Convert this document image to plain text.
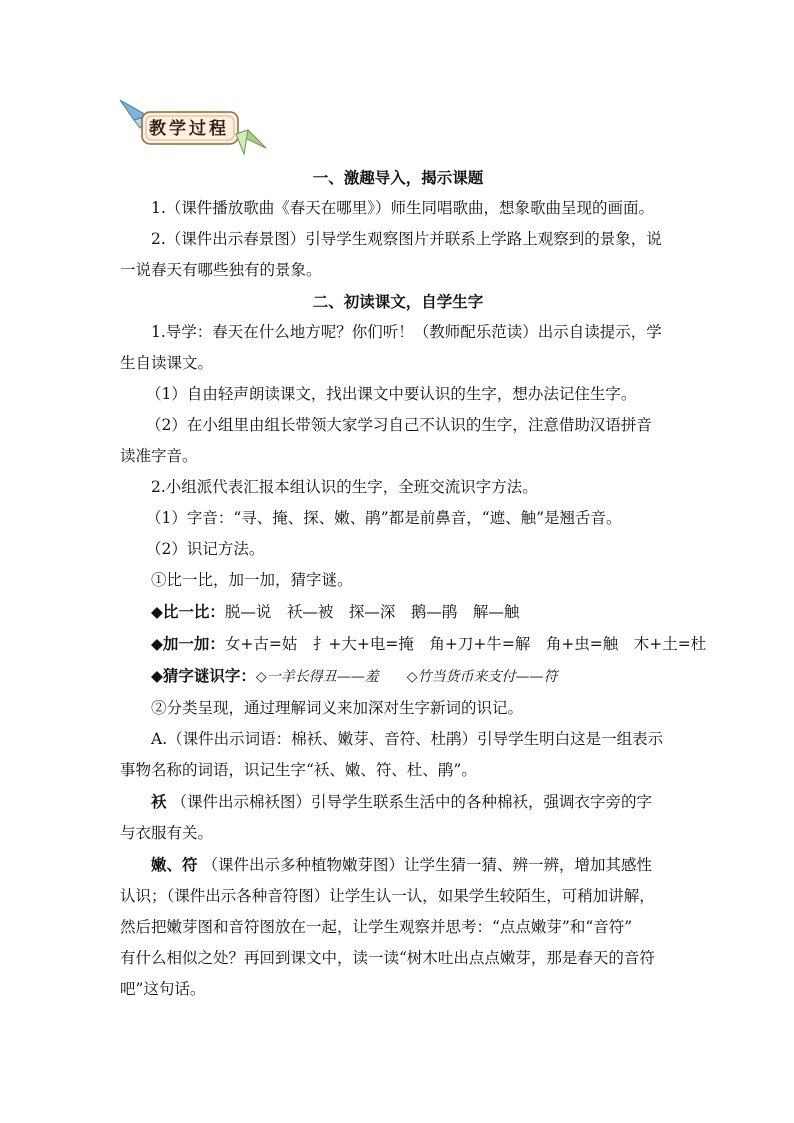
教学过程

一、激趣导入，揭示课题

1.（课件播放歌曲《春天在哪里》）师生同唱歌曲，想象歌曲呈现的画面。

2.（课件出示春景图）引导学生观察图片并联系上学路上观察到的景象，说

一说春天有哪些独有的景象。

二、初读课文，自学生字

1.导学：春天在什么地方呢？你们听！（教师配乐范读）出示自读提示，学

生自读课文。

（1）自由轻声朗读课文，找出课文中要认识的生字，想办法记住生字。

（2）在小组里由组长带领大家学习自己不认识的生字，注意借助汉语拼音

读准字音。

2.小组派代表汇报本组认识的生字，全班交流识字方法。

（1）字音：“寻、掩、探、嫩、鹃”都是前鼻音，“遮、触”是翘舌音。

（2）识记方法。

①比一比，加一加，猜字谜。

◆比一比：脱—说　袄—被　探—深　鹅—鹃　解—触

◆加一加：女+古=姑　扌+大+电=掩　角+刀+牛=解　角+虫=触　木+土=杜

◆猜字谜识字：◇一羊长得丑——羞 ◇竹当货币来支付——符

②分类呈现，通过理解词义来加深对生字新词的识记。

A.（课件出示词语：棉袄、嫩芽、音符、杜鹃）引导学生明白这是一组表示

事物名称的词语，识记生字“袄、嫩、符、杜、鹃”。

袄 （课件出示棉袄图）引导学生联系生活中的各种棉袄，强调衣字旁的字

与衣服有关。

嫩、符 （课件出示多种植物嫩芽图）让学生猜一猜、辨一辨，增加其感性

认识；（课件出示各种音符图）让学生认一认，如果学生较陌生，可稍加讲解，

然后把嫩芽图和音符图放在一起，让学生观察并思考：“点点嫩芽”和“音符”

有什么相似之处？再回到课文中，读一读“树木吐出点点嫩芽，那是春天的音符

吧”这句话。
